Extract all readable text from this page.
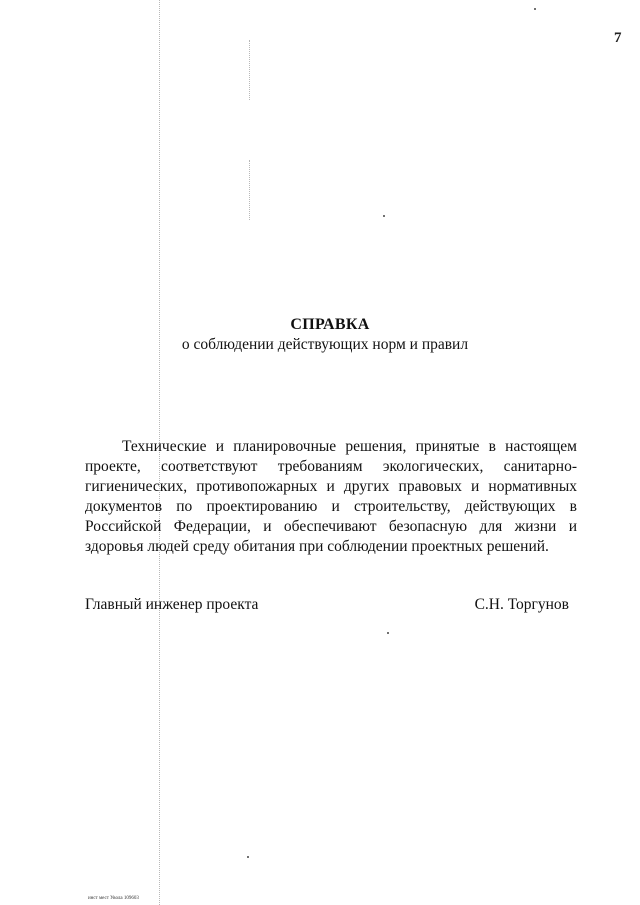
7
СПРАВКА

о соблюдении действующих норм и правил

Технические и планировочные решения, принятые в настоящем проекте, соответствуют требованиям экологических, санитарно-гигиенических, противопожарных и других правовых и нормативных документов по проектированию и строительству, действующих в Российской Федерации, и обеспечивают безопасную для жизни и здоровья людей среду обитания при соблюдении проектных решений.

Главный инженер проекта	С.Н. Торгунов
инст мест Увола 109603
